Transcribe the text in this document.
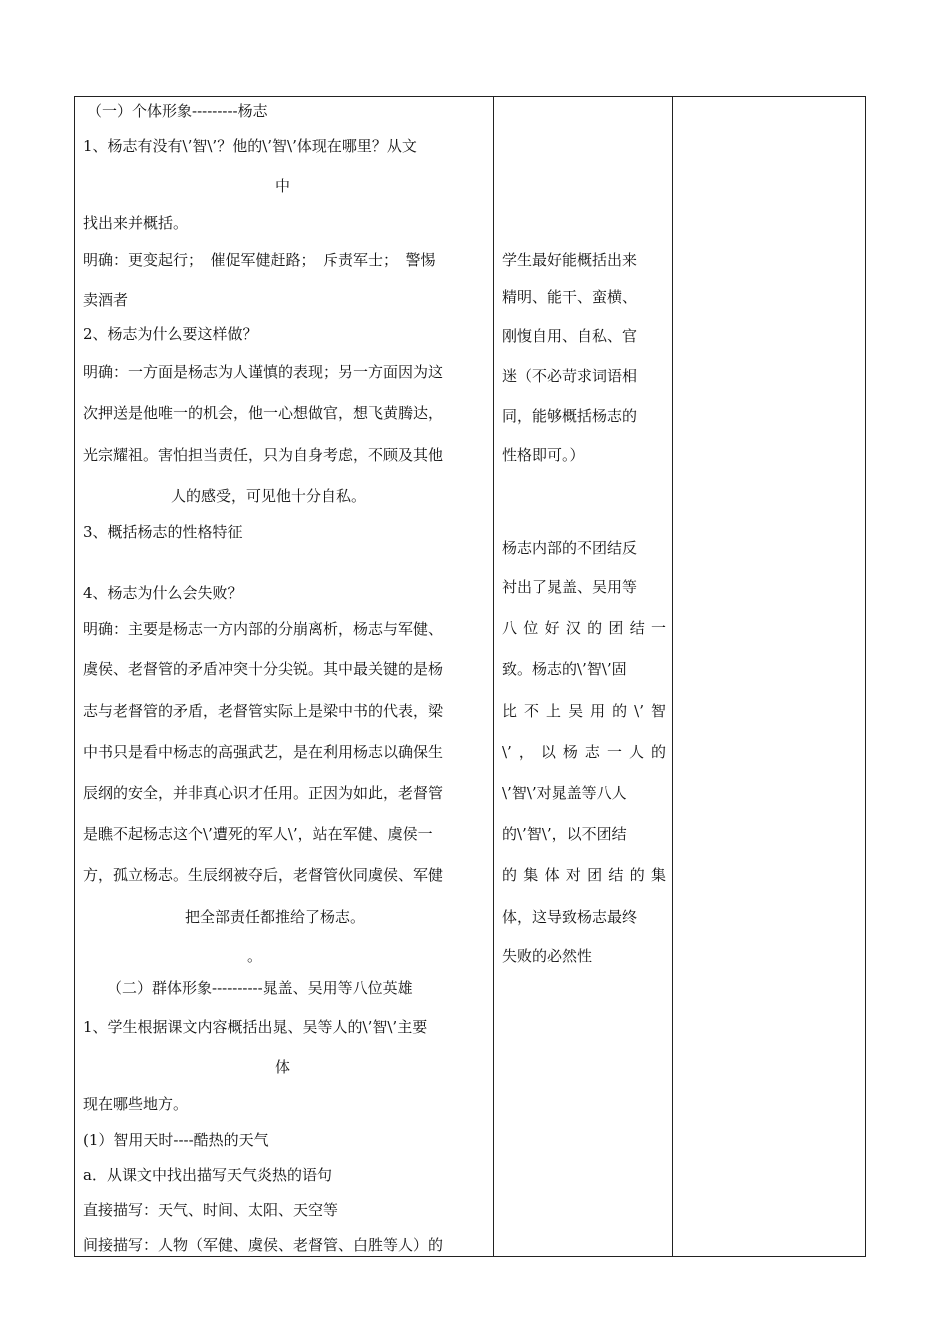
（一）个体形象---------杨志
1、杨志有没有\’智\’？他的\’智\’体现在哪里？从文
中
找出来并概括。
明确：更变起行；　催促军健赶路；　斥责军士；　警惕
卖酒者
2、杨志为什么要这样做？
明确：一方面是杨志为人谨慎的表现；另一方面因为这
次押送是他唯一的机会，他一心想做官，想飞黄腾达，
光宗耀祖。害怕担当责任，只为自身考虑，不顾及其他
人的感受，可见他十分自私。
3、概括杨志的性格特征
4、杨志为什么会失败？
明确：主要是杨志一方内部的分崩离析，杨志与军健、
虞侯、老督管的矛盾冲突十分尖锐。其中最关键的是杨
志与老督管的矛盾，老督管实际上是梁中书的代表，梁
中书只是看中杨志的高强武艺，是在利用杨志以确保生
辰纲的安全，并非真心识才任用。正因为如此，老督管
是瞧不起杨志这个\’遭死的军人\’，站在军健、虞侯一
方，孤立杨志。生辰纲被夺后，老督管伙同虞侯、军健
把全部责任都推给了杨志。
。
（二）群体形象----------晁盖、吴用等八位英雄
1、学生根据课文内容概括出晁、吴等人的\’智\’主要
体
现在哪些地方。
(1）智用天时----酷热的天气
a．从课文中找出描写天气炎热的语句
直接描写：天气、时间、太阳、天空等
间接描写：人物（军健、虞侯、老督管、白胜等人）的
学生最好能概括出来
精明、能干、蛮横、
刚愎自用、自私、官
迷（不必苛求词语相
同，能够概括杨志的
性格即可。）
杨志内部的不团结反
衬出了晁盖、吴用等
八位好汉的团结一
致。杨志的\’智\’固
比不上吴用的\’智
\’，以杨志一人的
\’智\’对晁盖等八人
的\’智\’，以不团结
的集体对团结的集
体，这导致杨志最终
失败的必然性
